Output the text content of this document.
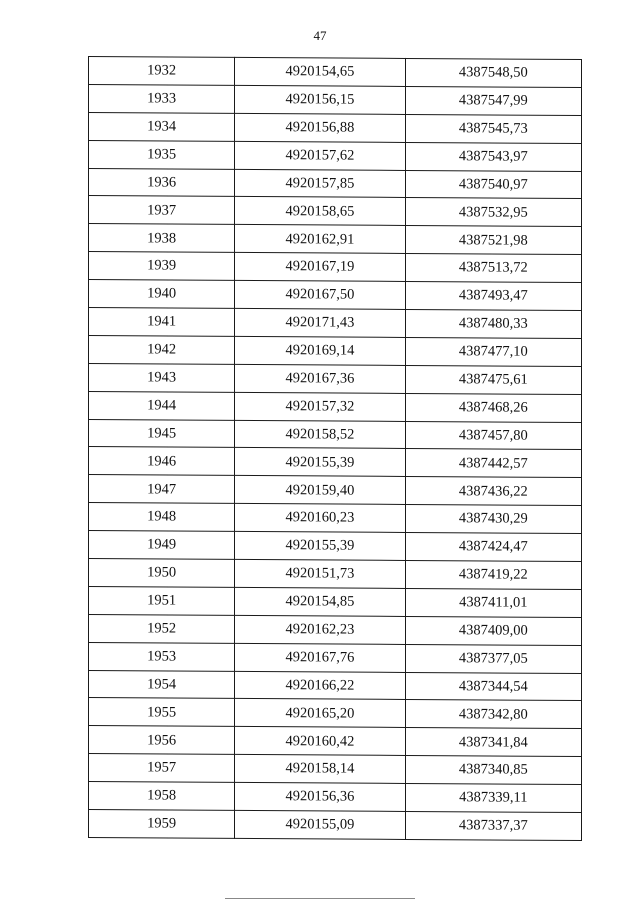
47
1932	4920154,65	4387548,50
1933	4920156,15	4387547,99
1934	4920156,88	4387545,73
1935	4920157,62	4387543,97
1936	4920157,85	4387540,97
1937	4920158,65	4387532,95
1938	4920162,91	4387521,98
1939	4920167,19	4387513,72
1940	4920167,50	4387493,47
1941	4920171,43	4387480,33
1942	4920169,14	4387477,10
1943	4920167,36	4387475,61
1944	4920157,32	4387468,26
1945	4920158,52	4387457,80
1946	4920155,39	4387442,57
1947	4920159,40	4387436,22
1948	4920160,23	4387430,29
1949	4920155,39	4387424,47
1950	4920151,73	4387419,22
1951	4920154,85	4387411,01
1952	4920162,23	4387409,00
1953	4920167,76	4387377,05
1954	4920166,22	4387344,54
1955	4920165,20	4387342,80
1956	4920160,42	4387341,84
1957	4920158,14	4387340,85
1958	4920156,36	4387339,11
1959	4920155,09	4387337,37
